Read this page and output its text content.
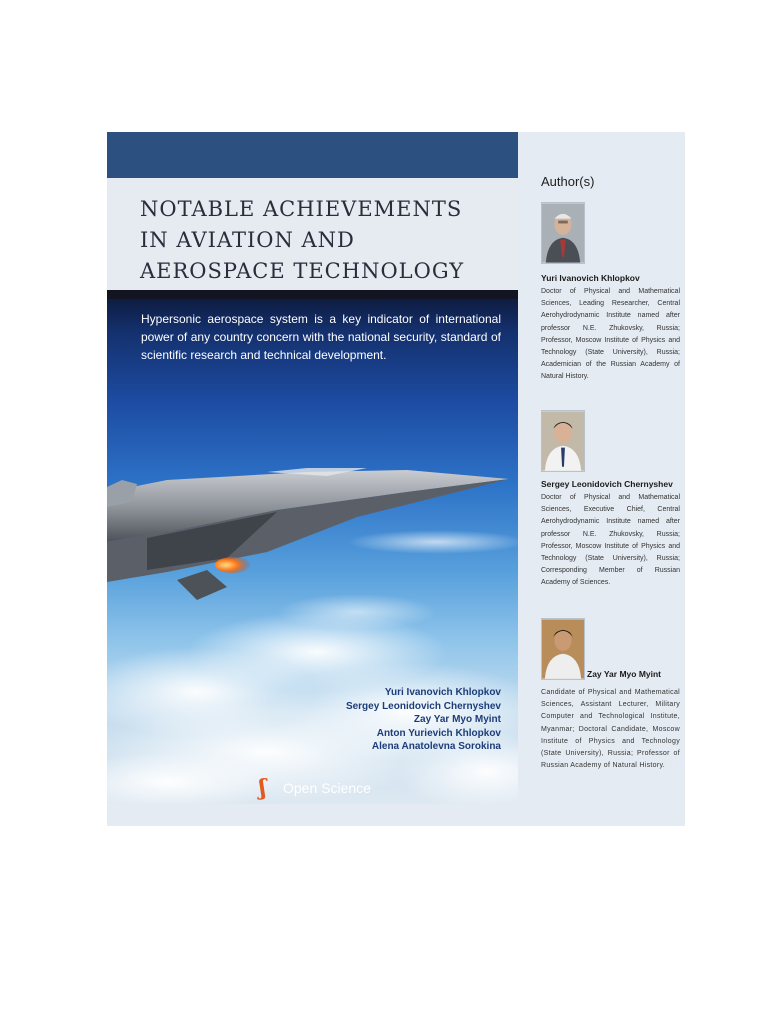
NOTABLE ACHIEVEMENTS
IN AVIATION AND
AEROSPACE TECHNOLOGY

Hypersonic aerospace system is a key indicator of international power of any country concern with the national security, standard of scientific research and technical development.

Yuri Ivanovich Khlopkov
Sergey Leonidovich Chernyshev
Zay Yar Myo Myint
Anton Yurievich Khlopkov
Alena Anatolevna Sorokina
ʃ	Open Science
Author(s)

Yuri Ivanovich Khlopkov

Doctor of Physical and Mathematical Sciences, Leading Researcher, Central Aerohydrodynamic Institute named after professor N.E. Zhukovsky, Russia; Professor, Moscow Institute of Physics and Technology (State University), Russia; Academician of the Russian Academy of Natural History.

Sergey Leonidovich Chernyshev

Doctor of Physical and Mathematical Sciences, Executive Chief, Central Aerohydrodynamic Institute named after professor N.E. Zhukovsky, Russia; Professor, Moscow Institute of Physics and Technology (State University), Russia; Corresponding Member of Russian Academy of Sciences.

Zay Yar Myo Myint

Candidate of Physical and Mathematical Sciences, Assistant Lecturer, Military Computer and Technological Institute, Myanmar; Doctoral Candidate, Moscow Institute of Physics and Technology (State University), Russia; Professor of Russian Academy of Natural History.
